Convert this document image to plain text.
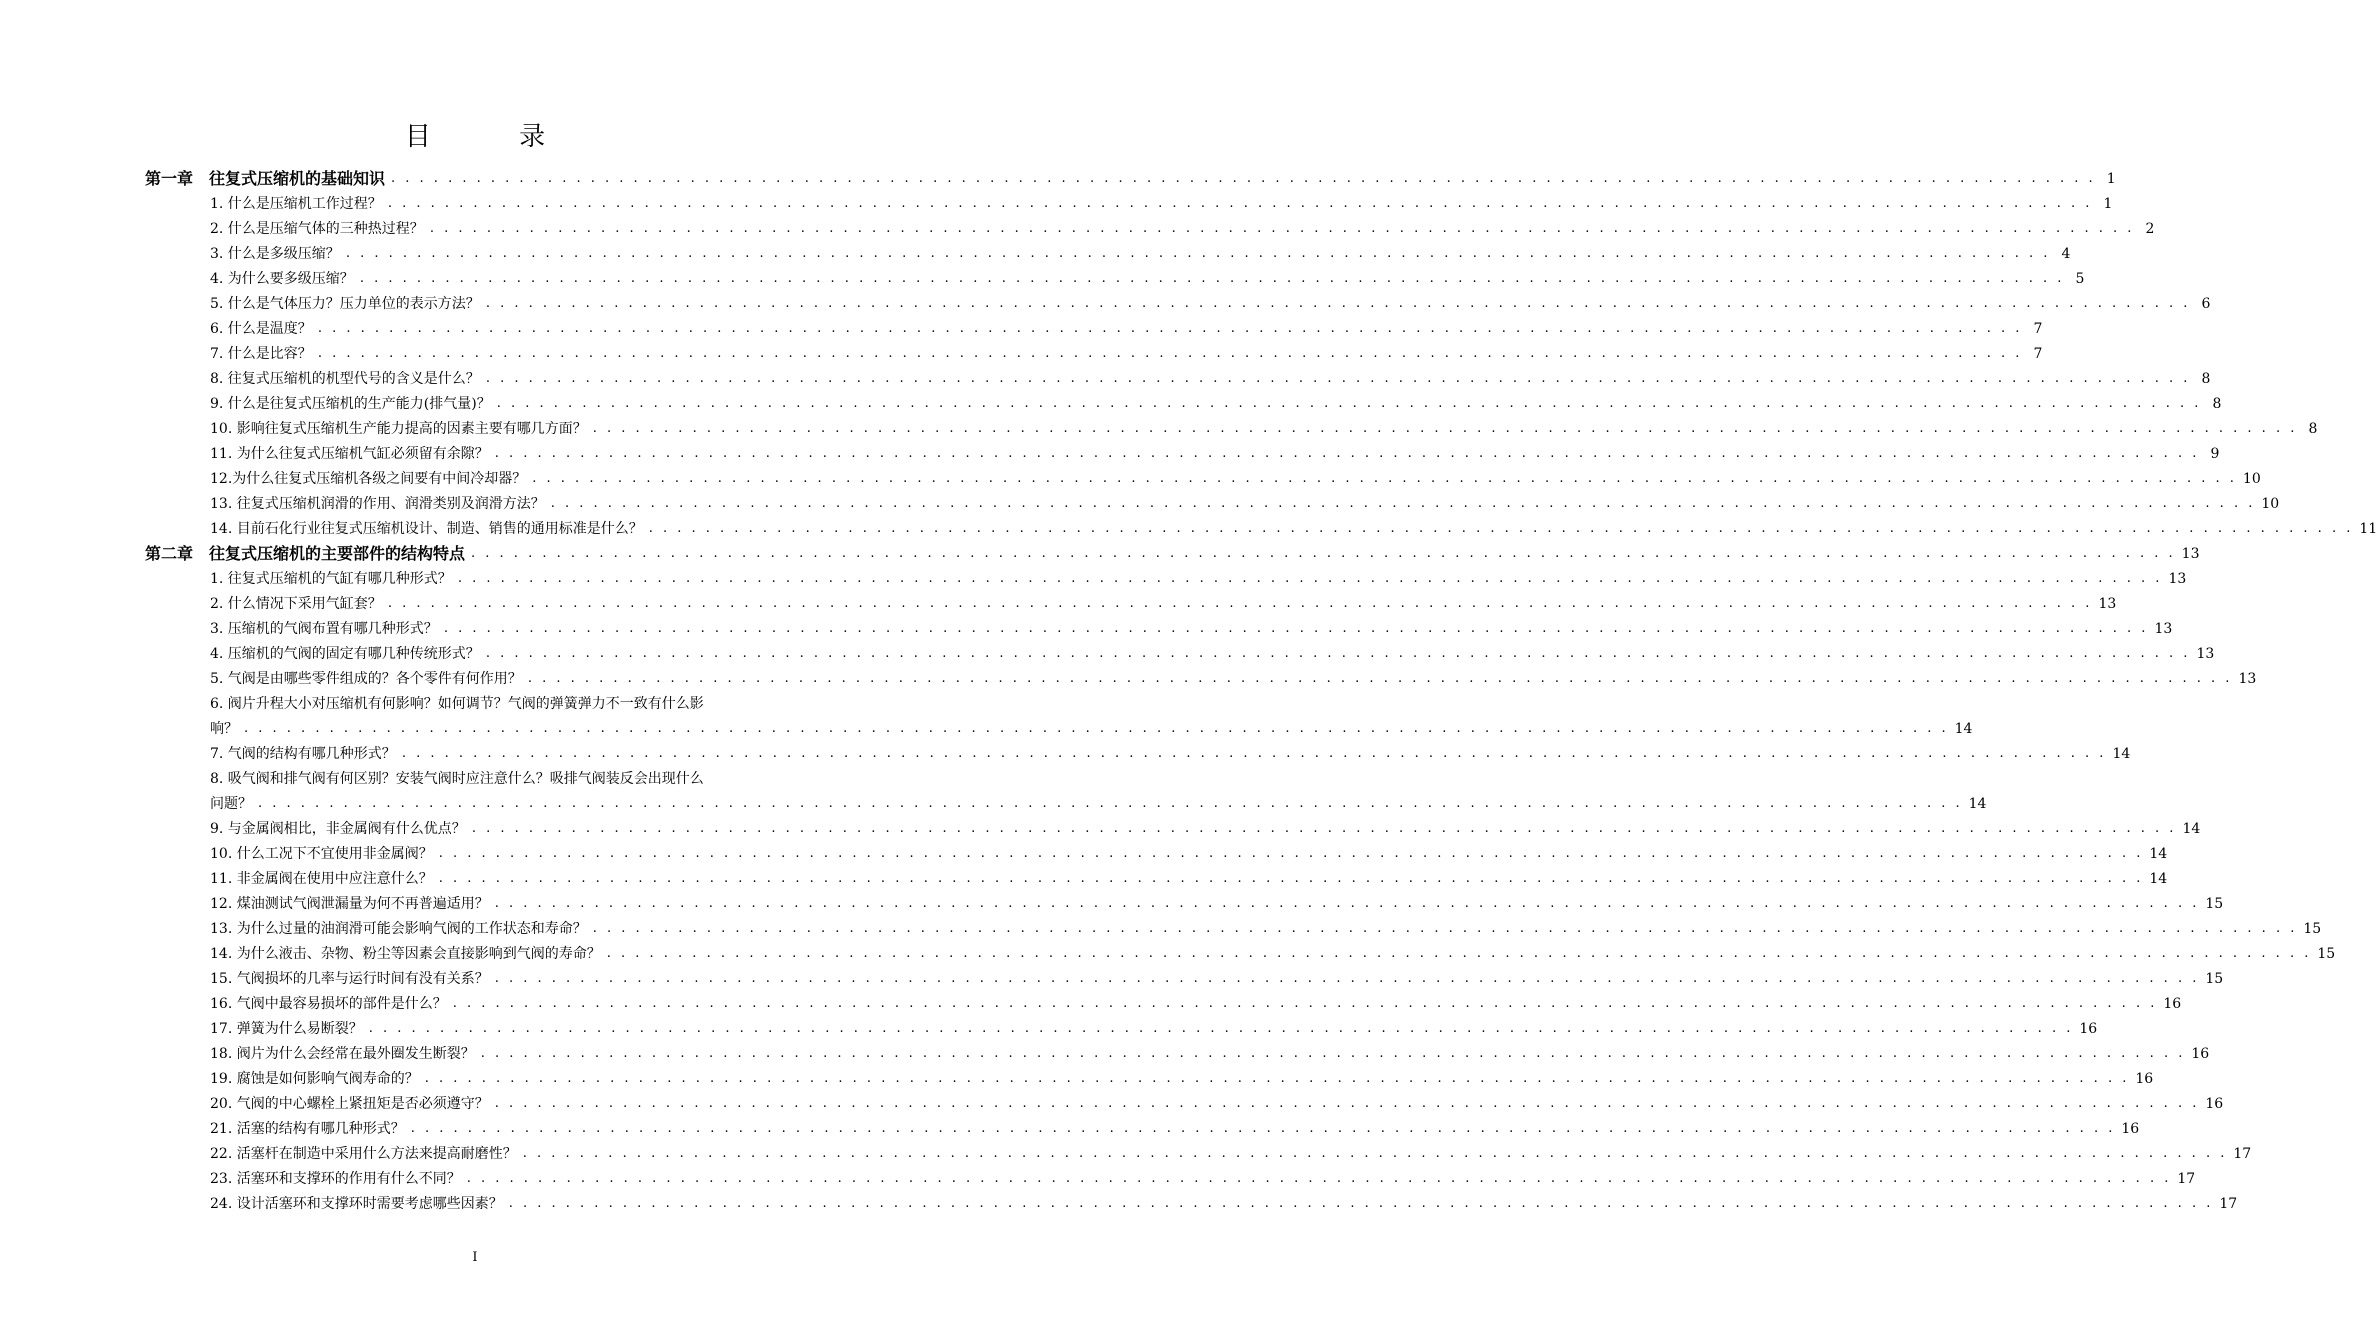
目 录
第一章　往复式压缩机的基础知识 . . . . . . . . . . . . . . . . . . . . . . . . . . . . . . . . . . . . . . . . . . . . . . . . . . . . . . . . . . . . . . . . . . . . . . . . . . . . . . . . . . . . . . . . . . . . . . . . . . . . . . . . . . . . . . . . . . . . . . . . 1
1. 什么是压缩机工作过程？ . . . . . . . . . . . . . . . . . . . . . . . . . . . . . . . . . . . . . . . . . . . . . . . . . . . . . . . . . . . . . . . . . . . . . . . . . . . . . . . . . . . . . . . . . . . . . . . . . . . . . . . . . . . . . . . . . . . . . . . . 1
2. 什么是压缩气体的三种热过程？ . . . . . . . . . . . . . . . . . . . . . . . . . . . . . . . . . . . . . . . . . . . . . . . . . . . . . . . . . . . . . . . . . . . . . . . . . . . . . . . . . . . . . . . . . . . . . . . . . . . . . . . . . . . . . . . . . . . . . . . . 2
3. 什么是多级压缩？ . . . . . . . . . . . . . . . . . . . . . . . . . . . . . . . . . . . . . . . . . . . . . . . . . . . . . . . . . . . . . . . . . . . . . . . . . . . . . . . . . . . . . . . . . . . . . . . . . . . . . . . . . . . . . . . . . . . . . . . . 4
4. 为什么要多级压缩？ . . . . . . . . . . . . . . . . . . . . . . . . . . . . . . . . . . . . . . . . . . . . . . . . . . . . . . . . . . . . . . . . . . . . . . . . . . . . . . . . . . . . . . . . . . . . . . . . . . . . . . . . . . . . . . . . . . . . . . . . 5
5. 什么是气体压力？压力单位的表示方法？ . . . . . . . . . . . . . . . . . . . . . . . . . . . . . . . . . . . . . . . . . . . . . . . . . . . . . . . . . . . . . . . . . . . . . . . . . . . . . . . . . . . . . . . . . . . . . . . . . . . . . . . . . . . . . . . . . . . . . . . . 6
6. 什么是温度？ . . . . . . . . . . . . . . . . . . . . . . . . . . . . . . . . . . . . . . . . . . . . . . . . . . . . . . . . . . . . . . . . . . . . . . . . . . . . . . . . . . . . . . . . . . . . . . . . . . . . . . . . . . . . . . . . . . . . . . . . 7
7. 什么是比容？ . . . . . . . . . . . . . . . . . . . . . . . . . . . . . . . . . . . . . . . . . . . . . . . . . . . . . . . . . . . . . . . . . . . . . . . . . . . . . . . . . . . . . . . . . . . . . . . . . . . . . . . . . . . . . . . . . . . . . . . . 7
8. 往复式压缩机的机型代号的含义是什么？ . . . . . . . . . . . . . . . . . . . . . . . . . . . . . . . . . . . . . . . . . . . . . . . . . . . . . . . . . . . . . . . . . . . . . . . . . . . . . . . . . . . . . . . . . . . . . . . . . . . . . . . . . . . . . . . . . . . . . . . . 8
9. 什么是往复式压缩机的生产能力(排气量)？ . . . . . . . . . . . . . . . . . . . . . . . . . . . . . . . . . . . . . . . . . . . . . . . . . . . . . . . . . . . . . . . . . . . . . . . . . . . . . . . . . . . . . . . . . . . . . . . . . . . . . . . . . . . . . . . . . . . . . . . . 8
10. 影响往复式压缩机生产能力提高的因素主要有哪几方面？ . . . . . . . . . . . . . . . . . . . . . . . . . . . . . . . . . . . . . . . . . . . . . . . . . . . . . . . . . . . . . . . . . . . . . . . . . . . . . . . . . . . . . . . . . . . . . . . . . . . . . . . . . . . . . . . . . . . . . . . . 8
11. 为什么往复式压缩机气缸必须留有余隙？ . . . . . . . . . . . . . . . . . . . . . . . . . . . . . . . . . . . . . . . . . . . . . . . . . . . . . . . . . . . . . . . . . . . . . . . . . . . . . . . . . . . . . . . . . . . . . . . . . . . . . . . . . . . . . . . . . . . . . . . . 9
12.为什么往复式压缩机各级之间要有中间冷却器？ . . . . . . . . . . . . . . . . . . . . . . . . . . . . . . . . . . . . . . . . . . . . . . . . . . . . . . . . . . . . . . . . . . . . . . . . . . . . . . . . . . . . . . . . . . . . . . . . . . . . . . . . . . . . . . . . . . . . . . . . 10
13. 往复式压缩机润滑的作用、润滑类别及润滑方法？ . . . . . . . . . . . . . . . . . . . . . . . . . . . . . . . . . . . . . . . . . . . . . . . . . . . . . . . . . . . . . . . . . . . . . . . . . . . . . . . . . . . . . . . . . . . . . . . . . . . . . . . . . . . . . . . . . . . . . . . . 10
14. 目前石化行业往复式压缩机设计、制造、销售的通用标准是什么？ . . . . . . . . . . . . . . . . . . . . . . . . . . . . . . . . . . . . . . . . . . . . . . . . . . . . . . . . . . . . . . . . . . . . . . . . . . . . . . . . . . . . . . . . . . . . . . . . . . . . . . . . . . . . . . . . . . . . . . . . 11
第二章　往复式压缩机的主要部件的结构特点 . . . . . . . . . . . . . . . . . . . . . . . . . . . . . . . . . . . . . . . . . . . . . . . . . . . . . . . . . . . . . . . . . . . . . . . . . . . . . . . . . . . . . . . . . . . . . . . . . . . . . . . . . . . . . . . . . . . . . . . . 13
1. 往复式压缩机的气缸有哪几种形式？ . . . . . . . . . . . . . . . . . . . . . . . . . . . . . . . . . . . . . . . . . . . . . . . . . . . . . . . . . . . . . . . . . . . . . . . . . . . . . . . . . . . . . . . . . . . . . . . . . . . . . . . . . . . . . . . . . . . . . . . . 13
2. 什么情况下采用气缸套？ . . . . . . . . . . . . . . . . . . . . . . . . . . . . . . . . . . . . . . . . . . . . . . . . . . . . . . . . . . . . . . . . . . . . . . . . . . . . . . . . . . . . . . . . . . . . . . . . . . . . . . . . . . . . . . . . . . . . . . . . 13
3. 压缩机的气阀布置有哪几种形式？ . . . . . . . . . . . . . . . . . . . . . . . . . . . . . . . . . . . . . . . . . . . . . . . . . . . . . . . . . . . . . . . . . . . . . . . . . . . . . . . . . . . . . . . . . . . . . . . . . . . . . . . . . . . . . . . . . . . . . . . . 13
4. 压缩机的气阀的固定有哪几种传统形式？ . . . . . . . . . . . . . . . . . . . . . . . . . . . . . . . . . . . . . . . . . . . . . . . . . . . . . . . . . . . . . . . . . . . . . . . . . . . . . . . . . . . . . . . . . . . . . . . . . . . . . . . . . . . . . . . . . . . . . . . . 13
5. 气阀是由哪些零件组成的？各个零件有何作用？ . . . . . . . . . . . . . . . . . . . . . . . . . . . . . . . . . . . . . . . . . . . . . . . . . . . . . . . . . . . . . . . . . . . . . . . . . . . . . . . . . . . . . . . . . . . . . . . . . . . . . . . . . . . . . . . . . . . . . . . . 13
6. 阀片升程大小对压缩机有何影响？如何调节？气阀的弹簧弹力不一致有什么影
响？ . . . . . . . . . . . . . . . . . . . . . . . . . . . . . . . . . . . . . . . . . . . . . . . . . . . . . . . . . . . . . . . . . . . . . . . . . . . . . . . . . . . . . . . . . . . . . . . . . . . . . . . . . . . . . . . . . . . . . . . . 14
7. 气阀的结构有哪几种形式？ . . . . . . . . . . . . . . . . . . . . . . . . . . . . . . . . . . . . . . . . . . . . . . . . . . . . . . . . . . . . . . . . . . . . . . . . . . . . . . . . . . . . . . . . . . . . . . . . . . . . . . . . . . . . . . . . . . . . . . . . 14
8. 吸气阀和排气阀有何区别？安装气阀时应注意什么？吸排气阀装反会出现什么
问题？ . . . . . . . . . . . . . . . . . . . . . . . . . . . . . . . . . . . . . . . . . . . . . . . . . . . . . . . . . . . . . . . . . . . . . . . . . . . . . . . . . . . . . . . . . . . . . . . . . . . . . . . . . . . . . . . . . . . . . . . . 14
9. 与金属阀相比，非金属阀有什么优点？ . . . . . . . . . . . . . . . . . . . . . . . . . . . . . . . . . . . . . . . . . . . . . . . . . . . . . . . . . . . . . . . . . . . . . . . . . . . . . . . . . . . . . . . . . . . . . . . . . . . . . . . . . . . . . . . . . . . . . . . . 14
10. 什么工况下不宜使用非金属阀？ . . . . . . . . . . . . . . . . . . . . . . . . . . . . . . . . . . . . . . . . . . . . . . . . . . . . . . . . . . . . . . . . . . . . . . . . . . . . . . . . . . . . . . . . . . . . . . . . . . . . . . . . . . . . . . . . . . . . . . . . 14
11. 非金属阀在使用中应注意什么？ . . . . . . . . . . . . . . . . . . . . . . . . . . . . . . . . . . . . . . . . . . . . . . . . . . . . . . . . . . . . . . . . . . . . . . . . . . . . . . . . . . . . . . . . . . . . . . . . . . . . . . . . . . . . . . . . . . . . . . . . 14
12. 煤油测试气阀泄漏量为何不再普遍适用？ . . . . . . . . . . . . . . . . . . . . . . . . . . . . . . . . . . . . . . . . . . . . . . . . . . . . . . . . . . . . . . . . . . . . . . . . . . . . . . . . . . . . . . . . . . . . . . . . . . . . . . . . . . . . . . . . . . . . . . . . 15
13. 为什么过量的油润滑可能会影响气阀的工作状态和寿命？ . . . . . . . . . . . . . . . . . . . . . . . . . . . . . . . . . . . . . . . . . . . . . . . . . . . . . . . . . . . . . . . . . . . . . . . . . . . . . . . . . . . . . . . . . . . . . . . . . . . . . . . . . . . . . . . . . . . . . . . . 15
14. 为什么液击、杂物、粉尘等因素会直接影响到气阀的寿命？ . . . . . . . . . . . . . . . . . . . . . . . . . . . . . . . . . . . . . . . . . . . . . . . . . . . . . . . . . . . . . . . . . . . . . . . . . . . . . . . . . . . . . . . . . . . . . . . . . . . . . . . . . . . . . . . . . . . . . . . . 15
15. 气阀损坏的几率与运行时间有没有关系？ . . . . . . . . . . . . . . . . . . . . . . . . . . . . . . . . . . . . . . . . . . . . . . . . . . . . . . . . . . . . . . . . . . . . . . . . . . . . . . . . . . . . . . . . . . . . . . . . . . . . . . . . . . . . . . . . . . . . . . . . 15
16. 气阀中最容易损坏的部件是什么？ . . . . . . . . . . . . . . . . . . . . . . . . . . . . . . . . . . . . . . . . . . . . . . . . . . . . . . . . . . . . . . . . . . . . . . . . . . . . . . . . . . . . . . . . . . . . . . . . . . . . . . . . . . . . . . . . . . . . . . . . 16
17. 弹簧为什么易断裂？ . . . . . . . . . . . . . . . . . . . . . . . . . . . . . . . . . . . . . . . . . . . . . . . . . . . . . . . . . . . . . . . . . . . . . . . . . . . . . . . . . . . . . . . . . . . . . . . . . . . . . . . . . . . . . . . . . . . . . . . . 16
18. 阀片为什么会经常在最外圈发生断裂？ . . . . . . . . . . . . . . . . . . . . . . . . . . . . . . . . . . . . . . . . . . . . . . . . . . . . . . . . . . . . . . . . . . . . . . . . . . . . . . . . . . . . . . . . . . . . . . . . . . . . . . . . . . . . . . . . . . . . . . . . 16
19. 腐蚀是如何影响气阀寿命的？ . . . . . . . . . . . . . . . . . . . . . . . . . . . . . . . . . . . . . . . . . . . . . . . . . . . . . . . . . . . . . . . . . . . . . . . . . . . . . . . . . . . . . . . . . . . . . . . . . . . . . . . . . . . . . . . . . . . . . . . . 16
20. 气阀的中心螺栓上紧扭矩是否必须遵守？ . . . . . . . . . . . . . . . . . . . . . . . . . . . . . . . . . . . . . . . . . . . . . . . . . . . . . . . . . . . . . . . . . . . . . . . . . . . . . . . . . . . . . . . . . . . . . . . . . . . . . . . . . . . . . . . . . . . . . . . . 16
21. 活塞的结构有哪几种形式？ . . . . . . . . . . . . . . . . . . . . . . . . . . . . . . . . . . . . . . . . . . . . . . . . . . . . . . . . . . . . . . . . . . . . . . . . . . . . . . . . . . . . . . . . . . . . . . . . . . . . . . . . . . . . . . . . . . . . . . . . 16
22. 活塞杆在制造中采用什么方法来提高耐磨性？ . . . . . . . . . . . . . . . . . . . . . . . . . . . . . . . . . . . . . . . . . . . . . . . . . . . . . . . . . . . . . . . . . . . . . . . . . . . . . . . . . . . . . . . . . . . . . . . . . . . . . . . . . . . . . . . . . . . . . . . . 17
23. 活塞环和支撑环的作用有什么不同？ . . . . . . . . . . . . . . . . . . . . . . . . . . . . . . . . . . . . . . . . . . . . . . . . . . . . . . . . . . . . . . . . . . . . . . . . . . . . . . . . . . . . . . . . . . . . . . . . . . . . . . . . . . . . . . . . . . . . . . . . 17
24. 设计活塞环和支撑环时需要考虑哪些因素？ . . . . . . . . . . . . . . . . . . . . . . . . . . . . . . . . . . . . . . . . . . . . . . . . . . . . . . . . . . . . . . . . . . . . . . . . . . . . . . . . . . . . . . . . . . . . . . . . . . . . . . . . . . . . . . . . . . . . . . . . 17
I
